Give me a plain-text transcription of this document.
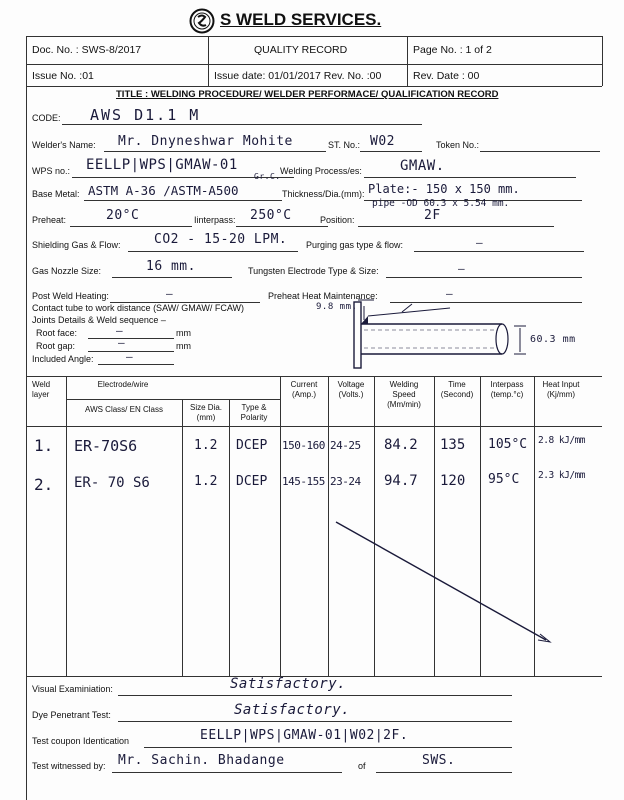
S WELD SERVICES.
Doc. No. : SWS-8/2017	QUALITY RECORD	Page No. : 1 of 2
Issue No. :01	Issue date: 01/01/2017 Rev. No. :00	Rev. Date : 00
TITLE : WELDING PROCEDURE/ WELDER PERFORMACE/ QUALIFICATION RECORD
CODE: AWS D1.1 M
Welder's Name: Mr. Dnyneshwar Mohite	ST. No.: W02	Token No.:
WPS no.: EELLP|WPS|GMAW-01	Welding Process/es:	GMAW.
Base Metal: ASTM A-36 /ASTM-A500
Gr.C.
Thickness/Dia.(mm): Plate:- 150 x 150 mm.
pipe -OD 60.3 x 5.54 mm.
Preheat:	20°C	Iinterpass: 250°C	Position:	2F
Shielding Gas & Flow:	CO2 - 15-20 LPM. Purging gas type & flow:	—
Gas Nozzle Size:	16 mm.	Tungsten Electrode Type & Size:	—
Post Weld Heating:	—	Preheat Heat Maintenance:	—
Contact tube to work distance (SAW/ GMAW/ FCAW)
Joints Details & Weld sequence –
Root face:	—	mm
Root gap:	—	mm
Included Angle:	—
9.8 mm.
60.3 mm
Weld layer
Electrode/wire
AWS Class/ EN Class	Size Dia.(mm)
Type & Polarity
Current (Amp.)
Voltage (Volts.)
Welding Speed (Mm/min)
Time (Second)
Interpass (temp.°c)
Heat Input (Kj/mm)
1. ER-70S6	1.2 DCEP 150-160 24-25 84.2 135 105°C 2.8 kJ/mm
2. ER- 70 S6	1.2 DCEP 145-155 23-24 94.7 120 95°C 2.3 kJ/mm
Visual Examiniation:	Satisfactory.
Dye Penetrant Test:	Satisfactory.
Test coupon Identication	EELLP|WPS|GMAW-01|W02|2F.
Test witnessed by: Mr. Sachin. Bhadange	of	SWS.
